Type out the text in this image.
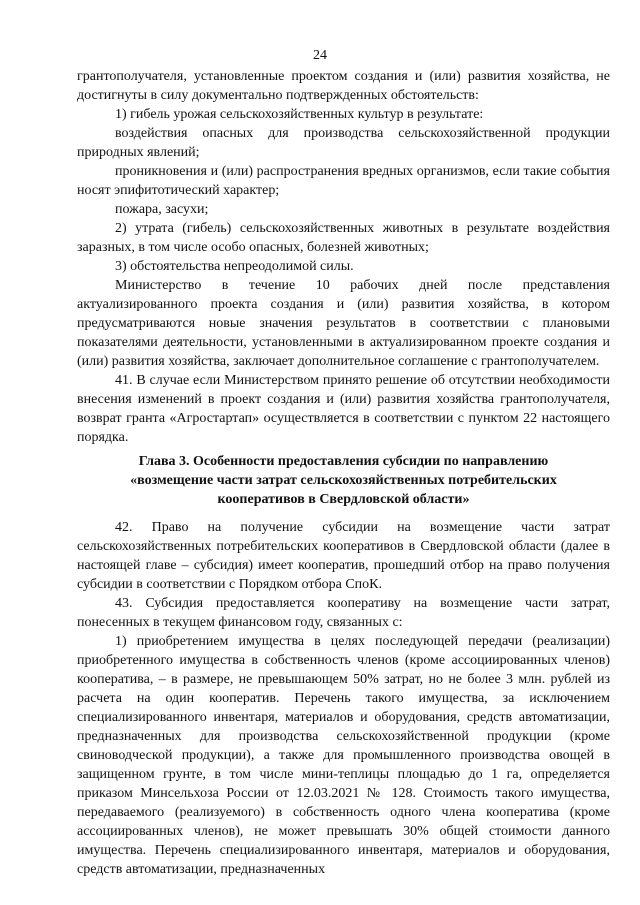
24

грантополучателя, установленные проектом создания и (или) развития хозяйства, не достигнуты в силу документально подтвержденных обстоятельств:

1) гибель урожая сельскохозяйственных культур в результате:

воздействия опасных для производства сельскохозяйственной продукции природных явлений;

проникновения и (или) распространения вредных организмов, если такие события носят эпифитотический характер;

пожара, засухи;

2) утрата (гибель) сельскохозяйственных животных в результате воздействия заразных, в том числе особо опасных, болезней животных;

3) обстоятельства непреодолимой силы.

Министерство в течение 10 рабочих дней после представления актуализированного проекта создания и (или) развития хозяйства, в котором предусматриваются новые значения результатов в соответствии с плановыми показателями деятельности, установленными в актуализированном проекте создания и (или) развития хозяйства, заключает дополнительное соглашение с грантополучателем.

41. В случае если Министерством принято решение об отсутствии необходимости внесения изменений в проект создания и (или) развития хозяйства грантополучателя, возврат гранта «Агростартап» осуществляется в соответствии с пунктом 22 настоящего порядка.

Глава 3. Особенности предоставления субсидии по направлению

«возмещение части затрат сельскохозяйственных потребительских

кооперативов в Свердловской области»

42. Право на получение субсидии на возмещение части затрат сельскохозяйственных потребительских кооперативов в Свердловской области (далее в настоящей главе – субсидия) имеет кооператив, прошедший отбор на право получения субсидии в соответствии с Порядком отбора СпоК.

43. Субсидия предоставляется кооперативу на возмещение части затрат, понесенных в текущем финансовом году, связанных с:

1) приобретением имущества в целях последующей передачи (реализации) приобретенного имущества в собственность членов (кроме ассоциированных членов) кооператива, – в размере, не превышающем 50% затрат, но не более 3 млн. рублей из расчета на один кооператив. Перечень такого имущества, за исключением специализированного инвентаря, материалов и оборудования, средств автоматизации, предназначенных для производства сельскохозяйственной продукции (кроме свиноводческой продукции), а также для промышленного производства овощей в защищенном грунте, в том числе мини-теплицы площадью до 1 га, определяется приказом Минсельхоза России от 12.03.2021 № 128. Стоимость такого имущества, передаваемого (реализуемого) в собственность одного члена кооператива (кроме ассоциированных членов), не может превышать 30% общей стоимости данного имущества. Перечень специализированного инвентаря, материалов и оборудования, средств автоматизации, предназначенных
